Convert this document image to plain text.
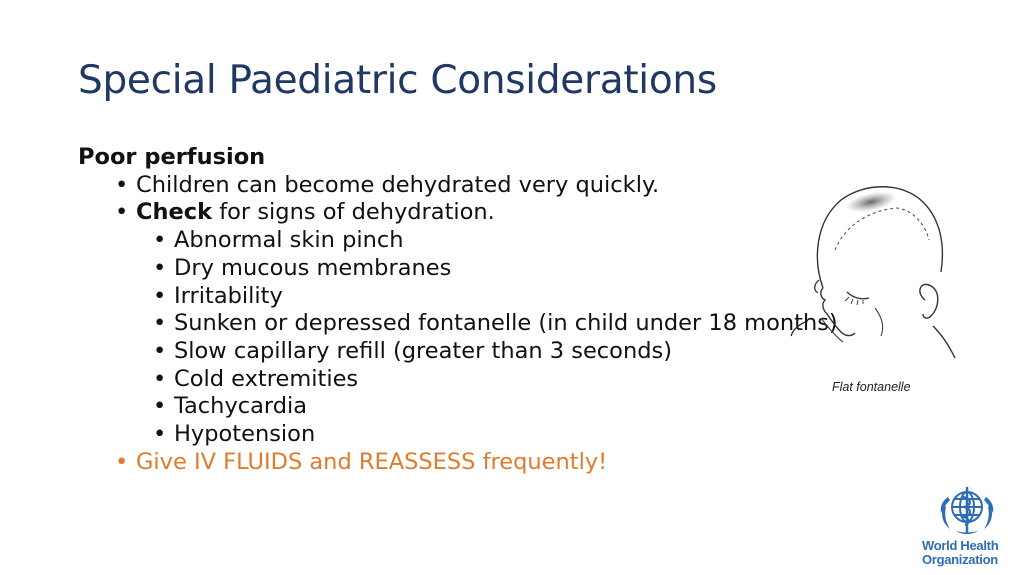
Special Paediatric Considerations
Poor perfusion
• Children can become dehydrated very quickly.
• Check for signs of dehydration.
• Abnormal skin pinch
• Dry mucous membranes
• Irritability
• Sunken or depressed fontanelle (in child under 18 months)
• Slow capillary refill (greater than 3 seconds)
• Cold extremities
• Tachycardia
• Hypotension
• Give IV FLUIDS and REASSESS frequently!
Flat fontanelle
World Health
Organization
